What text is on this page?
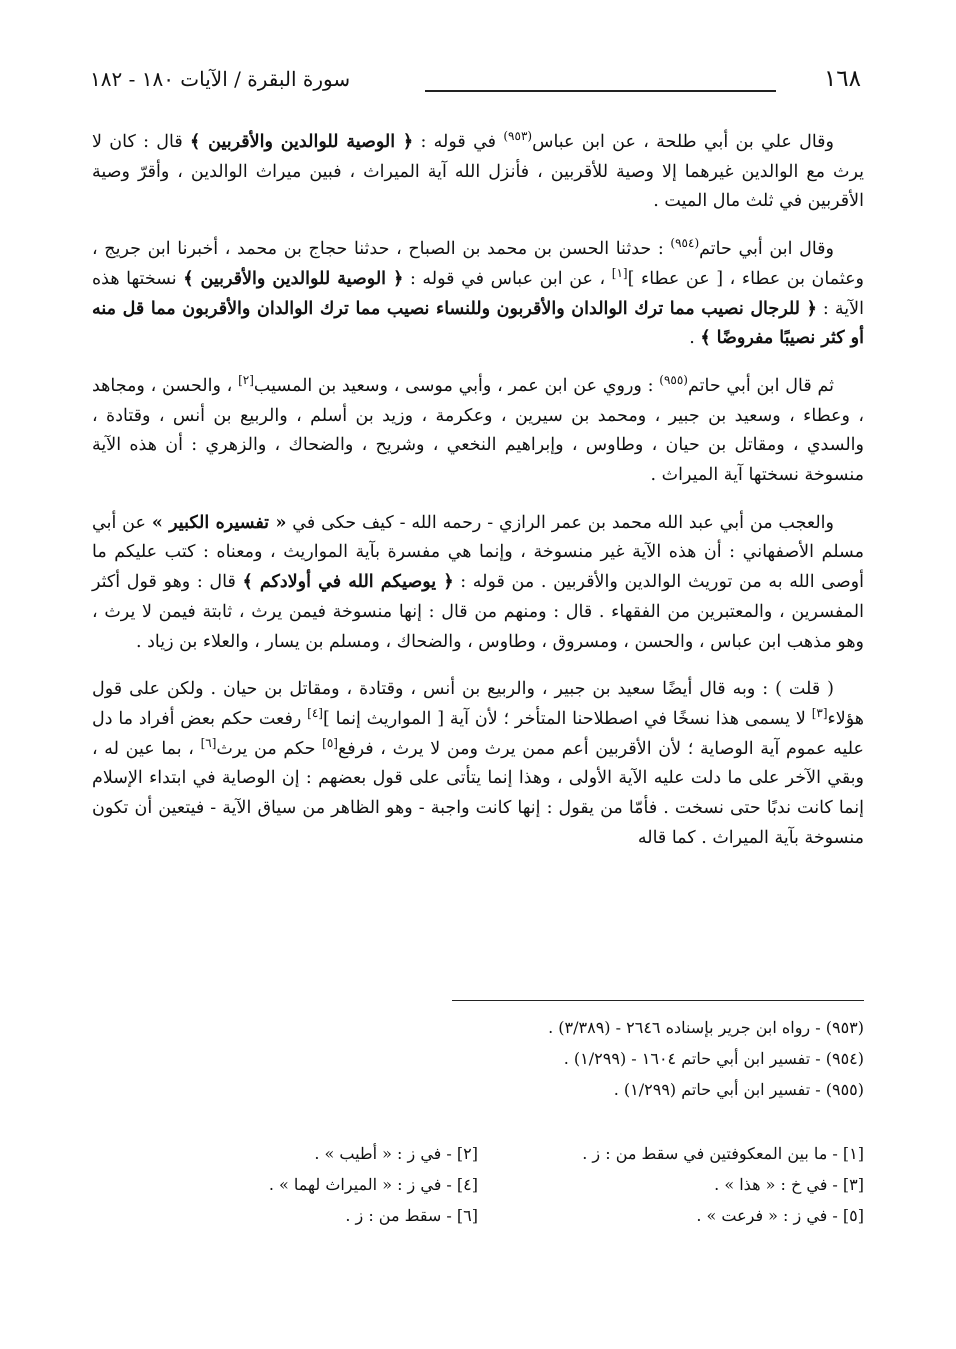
١٦٨
سورة البقرة / الآيات ١٨٠ - ١٨٢

وقال علي بن أبي طلحة ، عن ابن عباس$^{(٩٥٣)}$ في قوله : ﴿ الوصية للوالدين والأقربين ﴾ قال : كان لا يرث مع الوالدين غيرهما إلا وصية للأقربين ، فأنزل الله آية الميراث ، فبين ميراث الوالدين ، وأقرّ وصية الأقربين في ثلث مال الميت .

وقال ابن أبي حاتم$^{(٩٥٤)}$ : حدثنا الحسن بن محمد بن الصباح ، حدثنا حجاج بن محمد ، أخبرنا ابن جريج ، وعثمان بن عطاء ، [ عن عطاء ][١] ، عن ابن عباس في قوله : ﴿ الوصية للوالدين والأقربين ﴾ نسختها هذه الآية : ﴿ للرجال نصيب مما ترك الوالدان والأقربون وللنساء نصيب مما ترك الوالدان والأقربون مما قل منه أو كثر نصيبًا مفروضًا ﴾ .

ثم قال ابن أبي حاتم$^{(٩٥٥)}$ : وروي عن ابن عمر ، وأبي موسى ، وسعيد بن المسيب[٢] ، والحسن ، ومجاهد ، وعطاء ، وسعيد بن جبير ، ومحمد بن سيرين ، وعكرمة ، وزيد بن أسلم ، والربيع بن أنس ، وقتادة ، والسدي ، ومقاتل بن حيان ، وطاوس ، وإبراهيم النخعي ، وشريح ، والضحاك ، والزهري : أن هذه الآية منسوخة نسختها آية الميراث .

والعجب من أبي عبد الله محمد بن عمر الرازي - رحمه الله - كيف حكى في « تفسيره الكبير » عن أبي مسلم الأصفهاني : أن هذه الآية غير منسوخة ، وإنما هي مفسرة بآية المواريث ، ومعناه : كتب عليكم ما أوصى الله به من توريث الوالدين والأقربين . من قوله : ﴿ يوصيكم الله في أولادكم ﴾ قال : وهو قول أكثر المفسرين ، والمعتبرين من الفقهاء . قال : ومنهم من قال : إنها منسوخة فيمن يرث ، ثابتة فيمن لا يرث ، وهو مذهب ابن عباس ، والحسن ، ومسروق ، وطاوس ، والضحاك ، ومسلم بن يسار ، والعلاء بن زياد .

( قلت ) : وبه قال أيضًا سعيد بن جبير ، والربيع بن أنس ، وقتادة ، ومقاتل بن حيان . ولكن على قول هؤلاء[٣] لا يسمى هذا نسخًا في اصطلاحنا المتأخر ؛ لأن آية [ المواريث إنما ][٤] رفعت حكم بعض أفراد ما دل عليه عموم آية الوصاية ؛ لأن الأقربين أعم ممن يرث ومن لا يرث ، فرفع[٥] حكم من يرث[٦] ، بما عين له ، وبقي الآخر على ما دلت عليه الآية الأولى ، وهذا إنما يتأتى على قول بعضهم : إن الوصاية في ابتداء الإسلام إنما كانت ندبًا حتى نسخت . فأمّا من يقول : إنها كانت واجبة - وهو الظاهر من سياق الآية - فيتعين أن تكون منسوخة بآية الميراث . كما قاله

(٩٥٣) - رواه ابن جرير بإسناده ٢٦٤٦ - (٣/٣٨٩) .
(٩٥٤) - تفسير ابن أبي حاتم ١٦٠٤ - (١/٢٩٩) .
(٩٥٥) - تفسير ابن أبي حاتم (١/٢٩٩) .
[١] - ما بين المعكوفتين في سقط من : ز .
[٢] - في ز : « أطيب » .
[٣] - في خ : « هذا » .
[٤] - في ز : « الميراث لهما » .
[٥] - في ز : « فرعت » .
[٦] - سقط من : ز .
